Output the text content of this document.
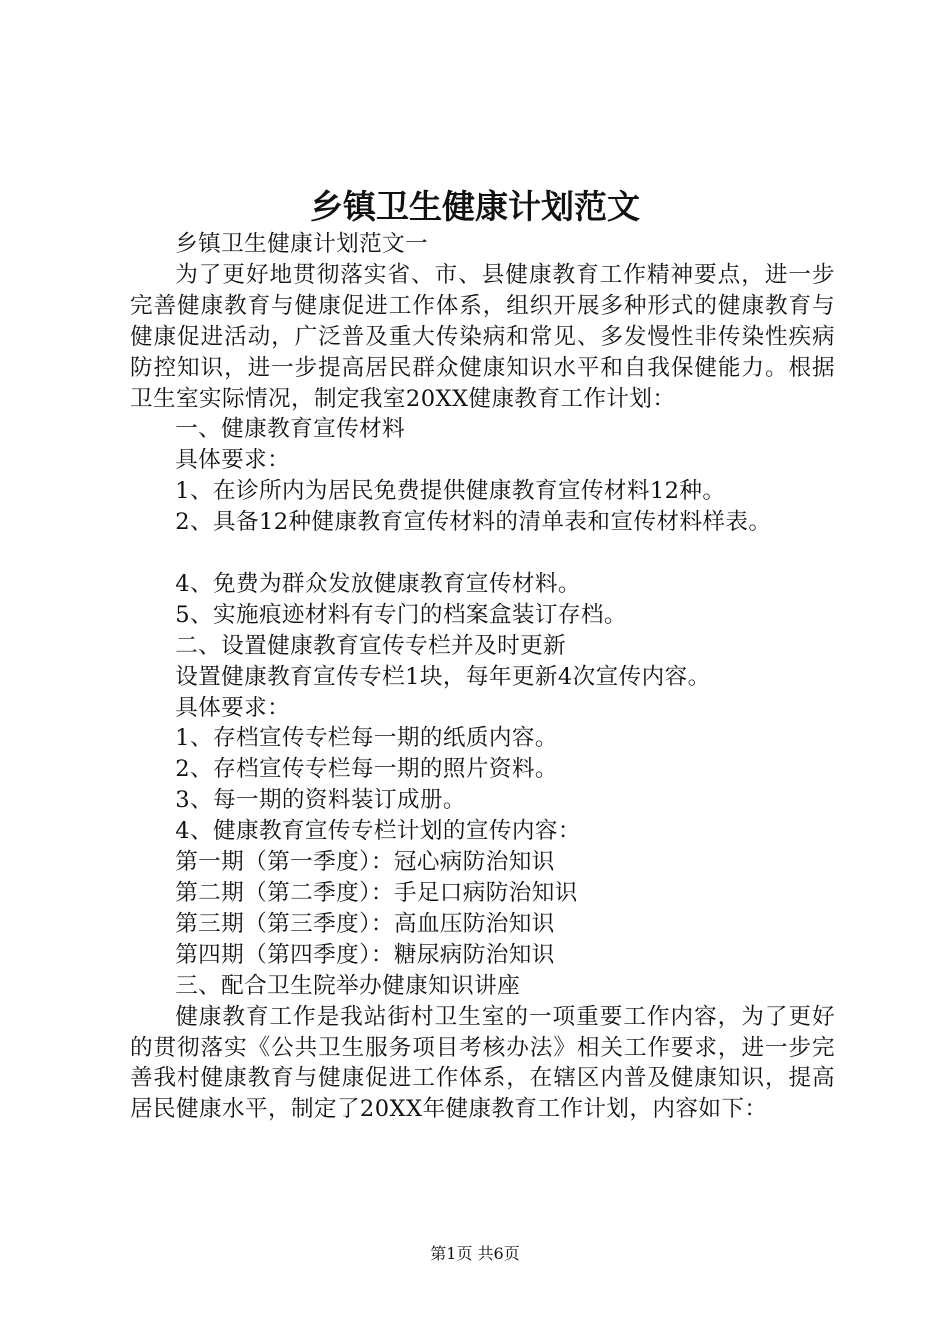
乡镇卫生健康计划范文

乡镇卫生健康计划范文一

为了更好地贯彻落实省、市、县健康教育工作精神要点，进一步完善健康教育与健康促进工作体系，组织开展多种形式的健康教育与健康促进活动，广泛普及重大传染病和常见、多发慢性非传染性疾病防控知识，进一步提高居民群众健康知识水平和自我保健能力。根据卫生室实际情况，制定我室20XX健康教育工作计划：

一、健康教育宣传材料

具体要求：

1、在诊所内为居民免费提供健康教育宣传材料12种。

2、具备12种健康教育宣传材料的清单表和宣传材料样表。

4、免费为群众发放健康教育宣传材料。

5、实施痕迹材料有专门的档案盒装订存档。

二、设置健康教育宣传专栏并及时更新

设置健康教育宣传专栏1块，每年更新4次宣传内容。

具体要求：

1、存档宣传专栏每一期的纸质内容。

2、存档宣传专栏每一期的照片资料。

3、每一期的资料装订成册。

4、健康教育宣传专栏计划的宣传内容：

第一期（第一季度）：冠心病防治知识

第二期（第二季度）：手足口病防治知识

第三期（第三季度）：高血压防治知识

第四期（第四季度）：糖尿病防治知识

三、配合卫生院举办健康知识讲座

健康教育工作是我站街村卫生室的一项重要工作内容，为了更好的贯彻落实《公共卫生服务项目考核办法》相关工作要求，进一步完善我村健康教育与健康促进工作体系，在辖区内普及健康知识，提高居民健康水平，制定了20XX年健康教育工作计划，内容如下：

第1页 共6页
